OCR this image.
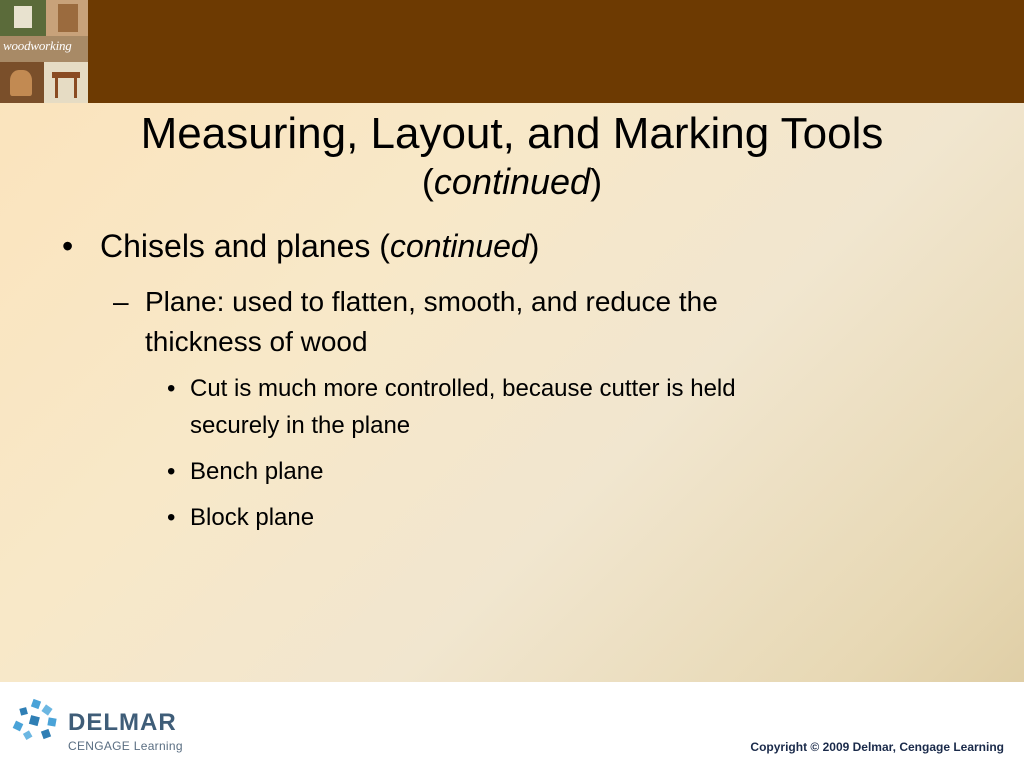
woodworking
Measuring, Layout, and Marking Tools
(continued)
• Chisels and planes (continued)

– Plane: used to flatten, smooth, and reduce the

thickness of wood

• Cut is much more controlled, because cutter is held

securely in the plane

• Bench plane

• Block plane

DELMAR
CENGAGE Learning	Copyright © 2009 Delmar, Cengage Learning
